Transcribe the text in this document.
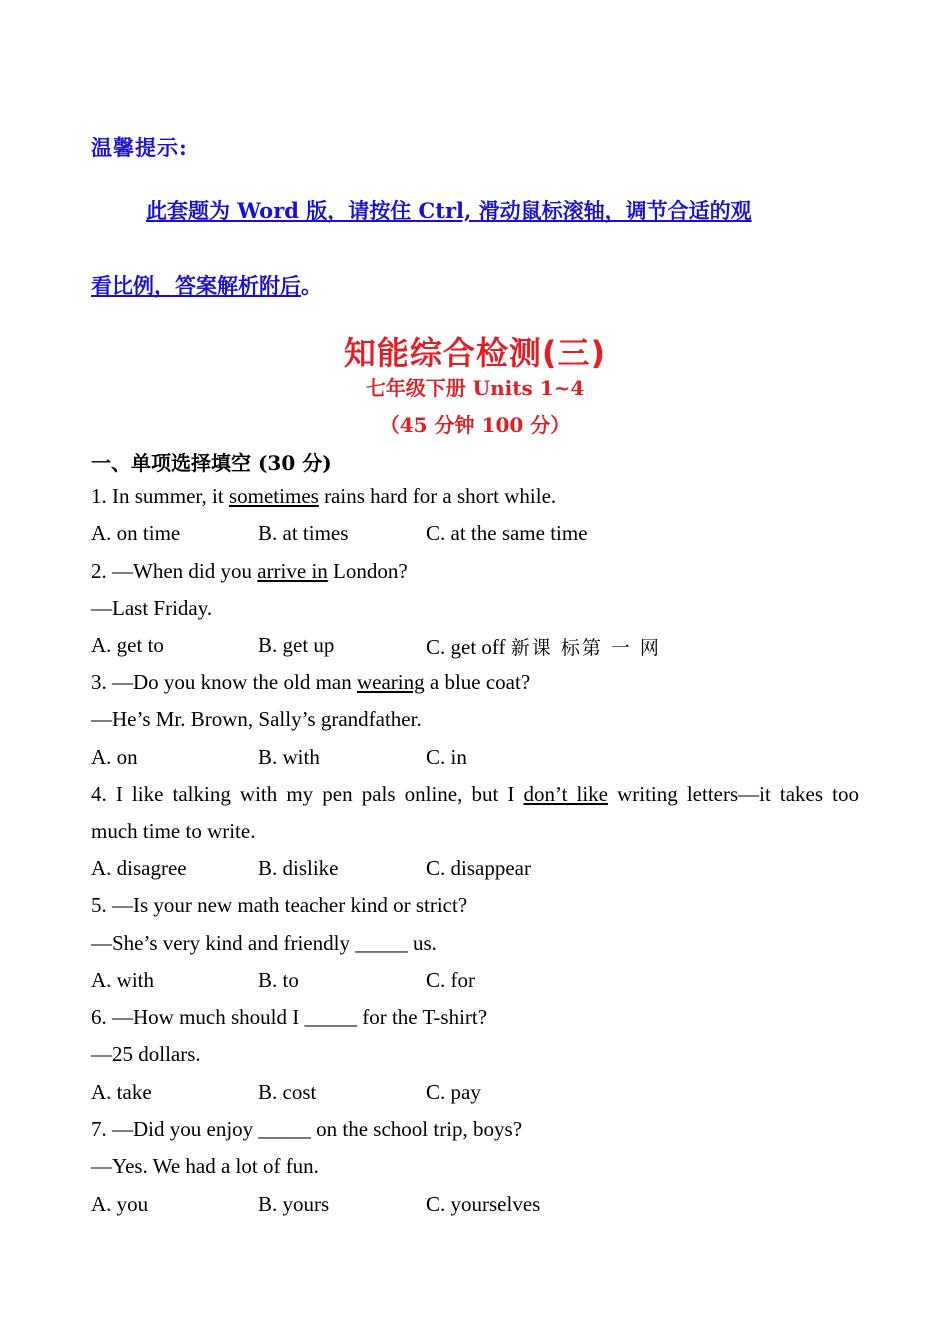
温馨提示:
此套题为 Word 版，请按住 Ctrl, 滑动鼠标滚轴，调节合适的观
看比例，答案解析附后。
知能综合检测(三)
七年级下册 Units 1~4
（45 分钟 100 分）
一、单项选择填空 (30 分)
1. In summer, it sometimes rains hard for a short while.
A. on time	B. at times	C. at the same time
2. —When did you arrive in London?
—Last Friday.
A. get to	B. get up	C. get off 新课 标第 一 网
3. —Do you know the old man wearing a blue coat?
—He’s Mr. Brown, Sally’s grandfather.
A. on	B. with	C. in
4. I like talking with my pen pals online, but I don’t like writing letters—it takes too
much time to write.
A. disagree	B. dislike	C. disappear
5. —Is your new math teacher kind or strict?
—She’s very kind and friendly _____ us.
A. with	B. to	C. for
6. —How much should I _____ for the T-shirt?
—25 dollars.
A. take	B. cost	C. pay
7. —Did you enjoy _____ on the school trip, boys?
—Yes. We had a lot of fun.
A. you	B. yours	C. yourselves
